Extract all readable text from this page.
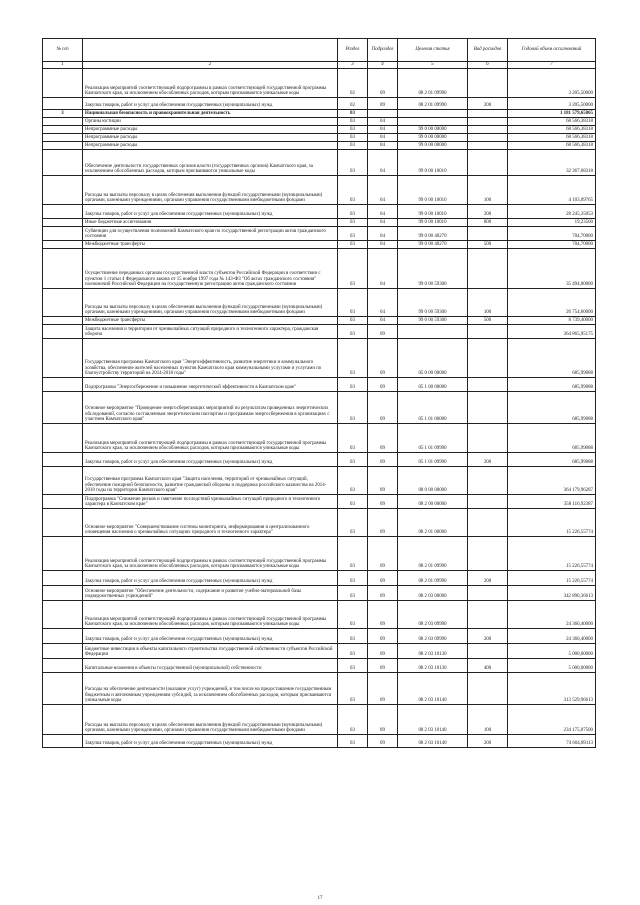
№ п/п		Раздел	Подраздел	Целевая статья	Вид расходов	Годовой объем ассигнований
1	2	3	4	5	6	7
	Реализация мероприятий соответствующей подпрограммы в рамках соответствующей государственной программы Камчатского края, за исключением обособленных расходов, которым присваиваются уникальные коды	02	09	08 2 01 09990		3 205,50000
	Закупка товаров, работ и услуг для обеспечения государственных (муниципальных) нужд	02	09	08 2 01 09990	200	3 205,50000
3	Национальная безопасность и правоохранительная деятельность	03				1 181 579,65865
	Органы юстиции	03	04			68 566,38318
	Непрограммные расходы	03	04	99 0 00 00000		68 566,38318
	Непрограммные расходы	03	04	99 0 00 00000		68 566,38318
	Непрограммные расходы	03	04	99 0 00 00000		68 566,38318
	Обеспечение деятельности государственных органов власти (государственных органов) Камчатского края, за исключением обособленных расходов, которым присваиваются уникальные коды	03	04	99 0 00 10010		32 367,68318
	Расходы на выплаты персоналу в целях обеспечения выполнения функций государственными (муниципальными) органами, казенными учреждениями, органами управления государственными внебюджетными фондами	03	04	99 0 00 10010	100	4 103,09765
	Закупка товаров, работ и услуг для обеспечения государственных (муниципальных) нужд	03	04	99 0 00 10010	200	28 245,35053
	Иные бюджетные ассигнования	03	04	99 0 00 10010	800	19,23500
	Субвенции для осуществления полномочий Камчатского края по государственной регистрации актов гражданского состояния	03	04	99 0 00 40270		704,70000
	Межбюджетные трансферты	03	04	99 0 00 40270	500	704,70000
	Осуществление переданных органам государственной власти субъектов Российской Федерации в соответствии с пунктом 1 статьи 4 Федерального закона от 15 ноября 1997 года № 143-ФЗ "Об актах гражданского состояния" полномочий Российской Федерации на государственную регистрацию актов гражданского состояния	03	04	99 0 00 59300		35 494,00000
	Расходы на выплаты персоналу в целях обеспечения выполнения функций государственными (муниципальными) органами, казенными учреждениями, органами управления государственными внебюджетными фондами	03	04	99 0 00 59300	100	26 754,60000
	Межбюджетные трансферты	03	04	99 0 00 59300	500	8 739,40000
	Защита населения и территории от чрезвычайных ситуаций природного и техногенного характера, гражданская оборона	03	09			364 865,95175
	Государственная программа Камчатского края "Энергоэффективность, развитие энергетики и коммунального хозяйства, обеспечение жителей населенных пунктов Камчатского края коммунальными услугами и услугами по благоустройству территорий на 2014-2018 годы"	03	09	05 0 00 00000		685,99088
	Подпрограмма "Энергосбережение и повышение энергетической эффективности в Камчатском крае"	03	09	05 1 00 00000		685,99088
	Основное мероприятие "Проведение энергосберегающих мероприятий по результатам проведенных энергетических обследований, согласно составленным энергетическим паспортам и программам энергосбережения в организациях с участием Камчатского края"	03	09	05 1 01 00000		685,99088
	Реализация мероприятий соответствующей подпрограммы в рамках соответствующей государственной программы Камчатского края, за исключением обособленных расходов, которым присваиваются уникальные коды	03	09	05 1 01 09990		685,99088
	Закупка товаров, работ и услуг для обеспечения государственных (муниципальных) нужд	03	09	05 1 01 09990	200	685,99088
	Государственная программа Камчатского края "Защита населения, территорий от чрезвычайных ситуаций, обеспечение пожарной безопасности, развитие гражданской обороны и поддержка российского казачества на 2014-2018 годы на территории Камчатского края"	03	09	08 0 00 00000		364 179,96287
	Подпрограмма "Снижение рисков и смягчение последствий чрезвычайных ситуаций природного и техногенного характера в Камчатском крае"	03	09	08 2 00 00000		358 116,92387
	Основное мероприятие "Совершенствование системы мониторинга, информирования и централизованного оповещения населения о чрезвычайных ситуациях природного и техногенного характера"	03	09	08 2 01 00000		15 226,55774
	Реализация мероприятий соответствующей подпрограммы в рамках соответствующей государственной программы Камчатского края, за исключением обособленных расходов, которым присваиваются уникальные коды	03	09	08 2 01 09990		15 226,55774
	Закупка товаров, работ и услуг для обеспечения государственных (муниципальных) нужд	03	09	08 2 01 09990	200	15 226,55774
	Основное мероприятие "Обеспечение деятельности, содержание и развитие учебно-материальной базы подведомственных учреждений"	03	09	08 2 03 00000		342 890,36613
	Реализация мероприятий соответствующей подпрограммы в рамках соответствующей государственной программы Камчатского края, за исключением обособленных расходов, которым присваиваются уникальные коды	03	09	08 2 03 09990		24 360,40000
	Закупка товаров, работ и услуг для обеспечения государственных (муниципальных) нужд	03	09	08 2 03 09990	200	24 360,40000
	Бюджетные инвестиции в объекты капитального строительства государственной собственности субъектов Российской Федерации	03	09	08 2 03 10130		5 000,00000
	Капитальные вложения в объекты государственной (муниципальной) собственности	03	09	08 2 03 10130	400	5 000,00000
	Расходы на обеспечение деятельности (оказание услуг) учреждений, в том числе на предоставление государственным бюджетным и автономным учреждениям субсидий, за исключением обособленных расходов, которым присваиваются уникальные коды	03	09	08 2 03 10140		313 529,96613
	Расходы на выплаты персоналу в целях обеспечения выполнения функций государственными (муниципальными) органами, казенными учреждениями, органами управления государственными внебюджетными фондами	03	09	08 2 03 10140	100	234 175,07500
	Закупка товаров, работ и услуг для обеспечения государственных (муниципальных) нужд	03	09	08 2 03 10140	200	74 604,89113
17
